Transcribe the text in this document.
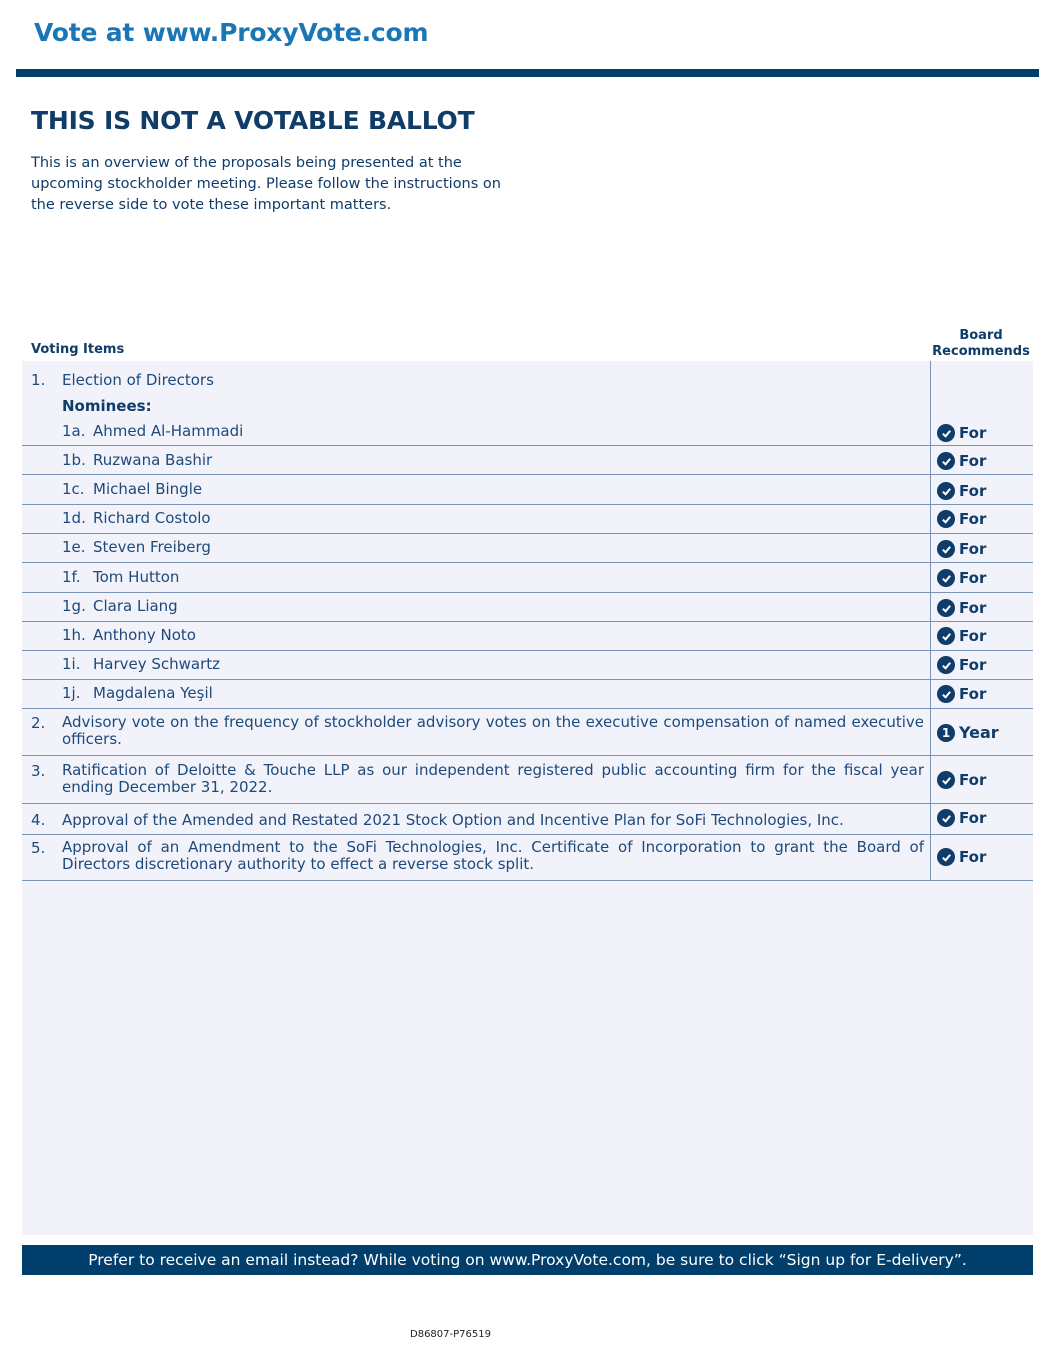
Vote at www.ProxyVote.com
THIS IS NOT A VOTABLE BALLOT
This is an overview of the proposals being presented at the
upcoming stockholder meeting. Please follow the instructions on
the reverse side to vote these important matters.
Voting Items
Board
Recommends
1. Election of Directors
Nominees:
1a. Ahmed Al-Hammadi	For
1b. Ruzwana Bashir	For
1c. Michael Bingle	For
1d. Richard Costolo	For
1e. Steven Freiberg	For
1f. Tom Hutton	For
1g. Clara Liang	For
1h. Anthony Noto	For
1i. Harvey Schwartz	For
1j. Magdalena Yeşil	For
2. Advisory vote on the frequency of stockholder advisory votes on the executive compensation of named executive officers.	1 Year
3. Ratification of Deloitte & Touche LLP as our independent registered public accounting firm for the fiscal year ending December 31, 2022.	For
4. Approval of the Amended and Restated 2021 Stock Option and Incentive Plan for SoFi Technologies, Inc.	For
5. Approval of an Amendment to the SoFi Technologies, Inc. Certificate of Incorporation to grant the Board of Directors discretionary authority to effect a reverse stock split.	For
Prefer to receive an email instead? While voting on www.ProxyVote.com, be sure to click “Sign up for E-delivery”.
D86807-P76519
